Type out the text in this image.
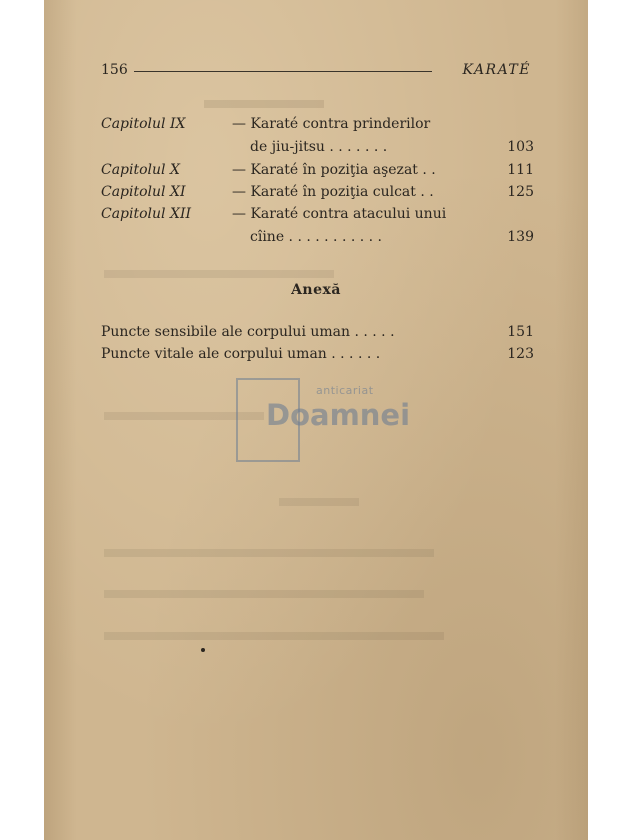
156	KARATÉ
Capitolul IX	— Karaté contra prinderilor
de jiu-jitsu . . . . . . .	103
Capitolul X	— Karaté în poziţia aşezat . .	111
Capitolul XI	— Karaté în poziţia culcat . .	125
Capitolul XII	— Karaté contra atacului unui
cîine . . . . . . . . . . .	139
Anexă
Puncte sensibile ale corpului uman . . . . .	151
Puncte vitale ale corpului uman . . . . . .	123
anticariat
Doamnei
